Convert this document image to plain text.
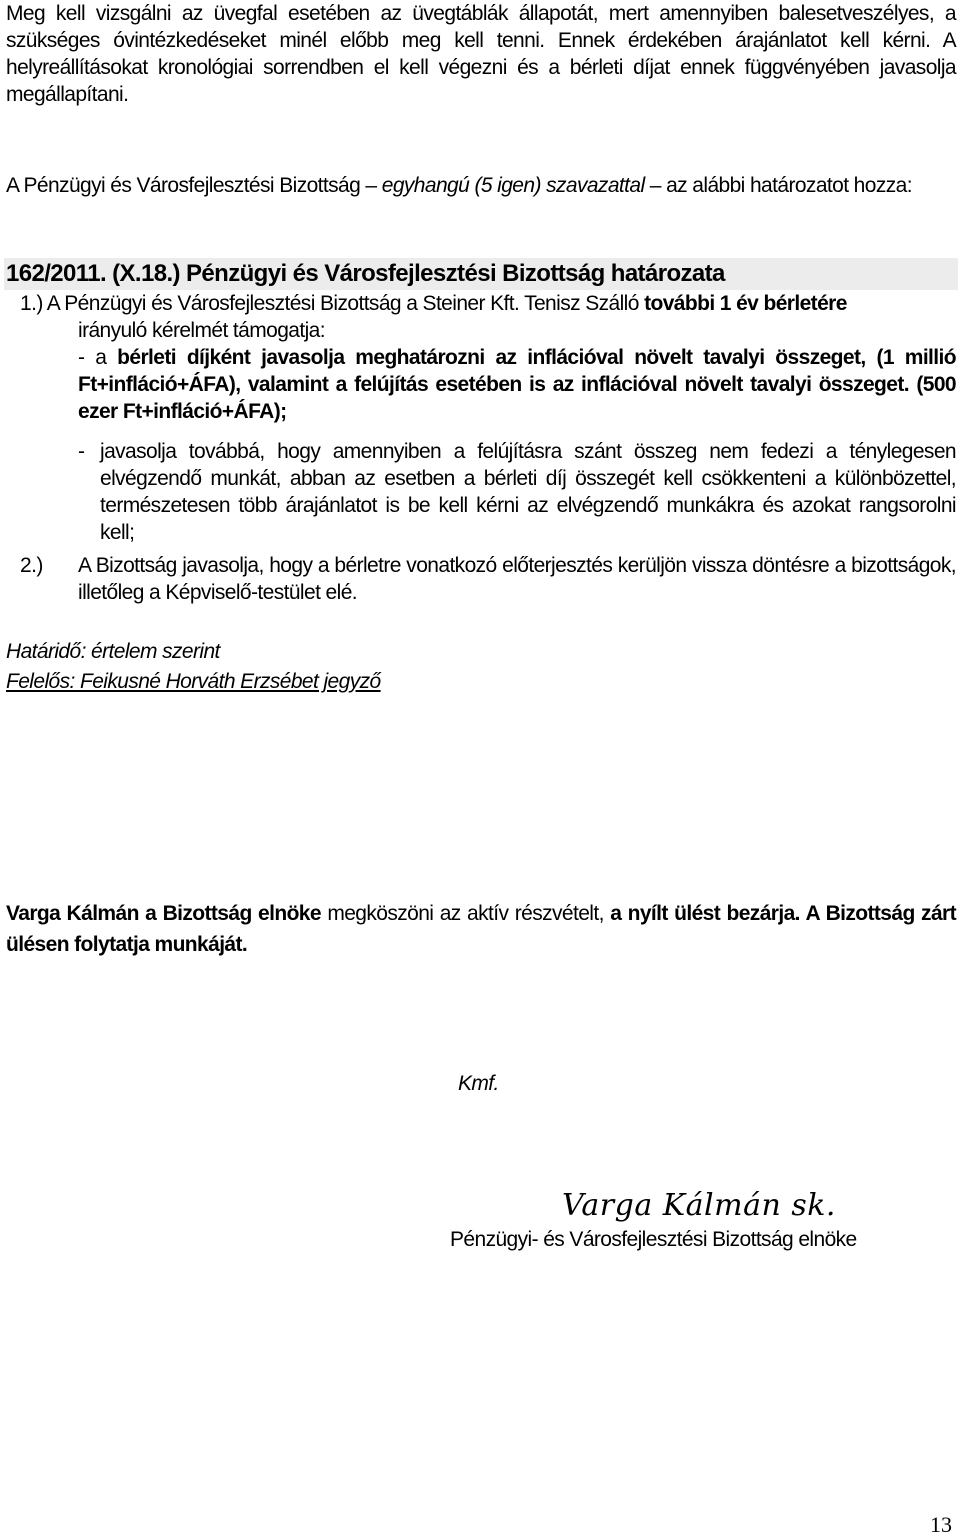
Meg kell vizsgálni az üvegfal esetében az üvegtáblák állapotát, mert amennyiben balesetveszélyes, a szükséges óvintézkedéseket minél előbb meg kell tenni. Ennek érdekében árajánlatot kell kérni. A helyreállításokat kronológiai sorrendben el kell végezni és a bérleti díjat ennek függvényében javasolja megállapítani.
A Pénzügyi és Városfejlesztési Bizottság – egyhangú (5 igen) szavazattal – az alábbi határozatot hozza:
162/2011. (X.18.) Pénzügyi és Városfejlesztési Bizottság határozata
1.) A Pénzügyi és Városfejlesztési Bizottság a Steiner Kft. Tenisz Szálló további 1 év bérletére
irányuló kérelmét támogatja:
- a bérleti díjként javasolja meghatározni az inflációval növelt tavalyi összeget, (1 millió Ft+infláció+ÁFA), valamint a felújítás esetében is az inflációval növelt tavalyi összeget. (500 ezer Ft+infláció+ÁFA);
- javasolja továbbá, hogy amennyiben a felújításra szánt összeg nem fedezi a ténylegesen elvégzendő munkát, abban az esetben a bérleti díj összegét kell csökkenteni a különbözettel, természetesen több árajánlatot is be kell kérni az elvégzendő munkákra és azokat rangsorolni kell;
2.) A Bizottság javasolja, hogy a bérletre vonatkozó előterjesztés kerüljön vissza döntésre a bizottságok, illetőleg a Képviselő-testület elé.
Határidő: értelem szerint
Felelős: Feikusné Horváth Erzsébet jegyző
Varga Kálmán a Bizottság elnöke megköszöni az aktív részvételt, a nyílt ülést bezárja. A Bizottság zárt ülésen folytatja munkáját.
Kmf.
Varga Kálmán sk.
Pénzügyi- és Városfejlesztési Bizottság elnöke
13
